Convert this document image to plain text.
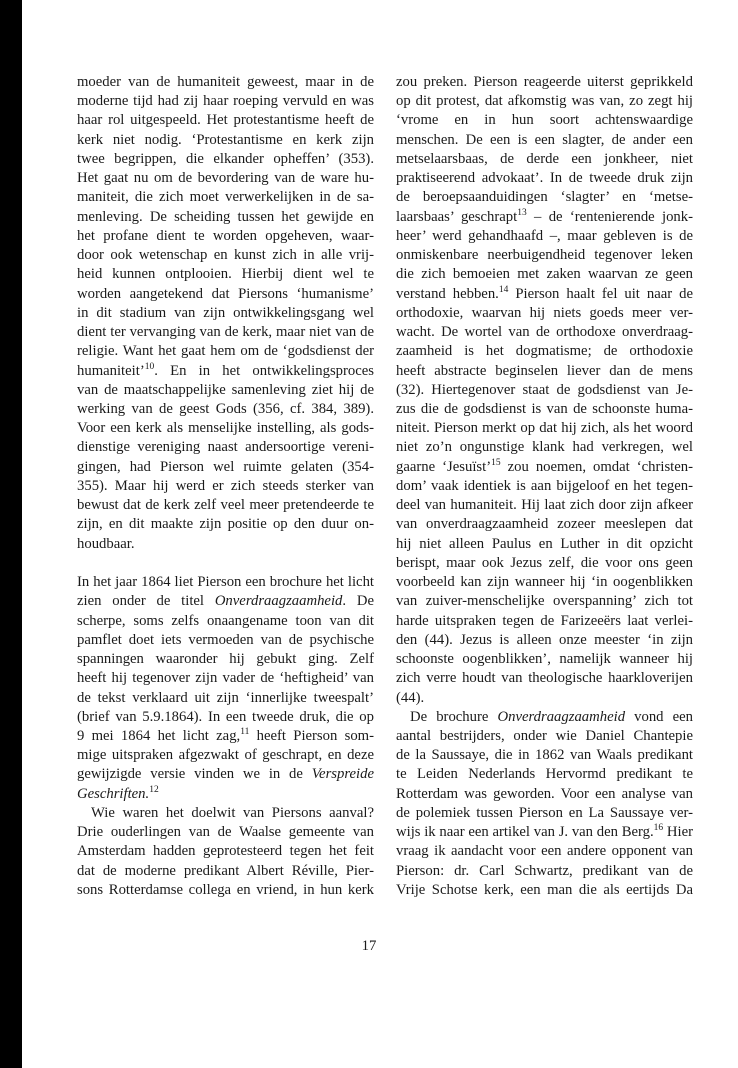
moeder van de humaniteit geweest, maar in de
moderne tijd had zij haar roeping vervuld en was
haar rol uitgespeeld. Het protestantisme heeft de
kerk niet nodig. ‘Protestantisme en kerk zijn
twee begrippen, die elkander opheffen’ (353).
Het gaat nu om de bevordering van de ware hu-
maniteit, die zich moet verwerkelijken in de sa-
menleving. De scheiding tussen het gewijde en
het profane dient te worden opgeheven, waar-
door ook wetenschap en kunst zich in alle vrij-
heid kunnen ontplooien. Hierbij dient wel te
worden aangetekend dat Piersons ‘humanisme’
in dit stadium van zijn ontwikkelingsgang wel
dient ter vervanging van de kerk, maar niet van de
religie. Want het gaat hem om de ‘godsdienst der
humaniteit’$^{10}$. En in het ontwikkelingsproces
van de maatschappelijke samenleving ziet hij de
werking van de geest Gods (356, cf. 384, 389).
Voor een kerk als menselijke instelling, als gods-
dienstige vereniging naast andersoortige vereni-
gingen, had Pierson wel ruimte gelaten (354-
355). Maar hij werd er zich steeds sterker van
bewust dat de kerk zelf veel meer pretendeerde te
zijn, en dit maakte zijn positie op den duur on-
houdbaar.
In het jaar 1864 liet Pierson een brochure het licht
zien onder de titel Onverdraagzaamheid. De
scherpe, soms zelfs onaangename toon van dit
pamflet doet iets vermoeden van de psychische
spanningen waaronder hij gebukt ging. Zelf
heeft hij tegenover zijn vader de ‘heftigheid’ van
de tekst verklaard uit zijn ‘innerlijke tweespalt’
(brief van 5.9.1864). In een tweede druk, die op
9 mei 1864 het licht zag,$^{11}$ heeft Pierson som-
mige uitspraken afgezwakt of geschrapt, en deze
gewijzigde versie vinden we in de Verspreide
Geschriften.$^{12}$
Wie waren het doelwit van Piersons aanval?
Drie ouderlingen van de Waalse gemeente van
Amsterdam hadden geprotesteerd tegen het feit
dat de moderne predikant Albert Réville, Pier-
sons Rotterdamse collega en vriend, in hun kerk
zou preken. Pierson reageerde uiterst geprikkeld
op dit protest, dat afkomstig was van, zo zegt hij
‘vrome en in hun soort achtenswaardige
menschen. De een is een slagter, de ander een
metselaarsbaas, de derde een jonkheer, niet
praktiseerend advokaat’. In de tweede druk zijn
de beroepsaanduidingen ‘slagter’ en ‘metse-
laarsbaas’ geschrapt$^{13}$ – de ‘rentenierende jonk-
heer’ werd gehandhaafd –, maar gebleven is de
onmiskenbare neerbuigendheid tegenover leken
die zich bemoeien met zaken waarvan ze geen
verstand hebben.$^{14}$ Pierson haalt fel uit naar de
orthodoxie, waarvan hij niets goeds meer ver-
wacht. De wortel van de orthodoxe onverdraag-
zaamheid is het dogmatisme; de orthodoxie
heeft abstracte beginselen liever dan de mens
(32). Hiertegenover staat de godsdienst van Je-
zus die de godsdienst is van de schoonste huma-
niteit. Pierson merkt op dat hij zich, als het woord
niet zo’n ongunstige klank had verkregen, wel
gaarne ‘Jesuïst’$^{15}$ zou noemen, omdat ‘christen-
dom’ vaak identiek is aan bijgeloof en het tegen-
deel van humaniteit. Hij laat zich door zijn afkeer
van onverdraagzaamheid zozeer meeslepen dat
hij niet alleen Paulus en Luther in dit opzicht
berispt, maar ook Jezus zelf, die voor ons geen
voorbeeld kan zijn wanneer hij ‘in oogenblikken
van zuiver-menschelijke overspanning’ zich tot
harde uitspraken tegen de Farizeeërs laat verlei-
den (44). Jezus is alleen onze meester ‘in zijn
schoonste oogenblikken’, namelijk wanneer hij
zich verre houdt van theologische haarkloverijen
(44).
De brochure Onverdraagzaamheid vond een
aantal bestrijders, onder wie Daniel Chantepie
de la Saussaye, die in 1862 van Waals predikant
te Leiden Nederlands Hervormd predikant te
Rotterdam was geworden. Voor een analyse van
de polemiek tussen Pierson en La Saussaye ver-
wijs ik naar een artikel van J. van den Berg.$^{16}$ Hier
vraag ik aandacht voor een andere opponent van
Pierson: dr. Carl Schwartz, predikant van de
Vrije Schotse kerk, een man die als eertijds Da
17
